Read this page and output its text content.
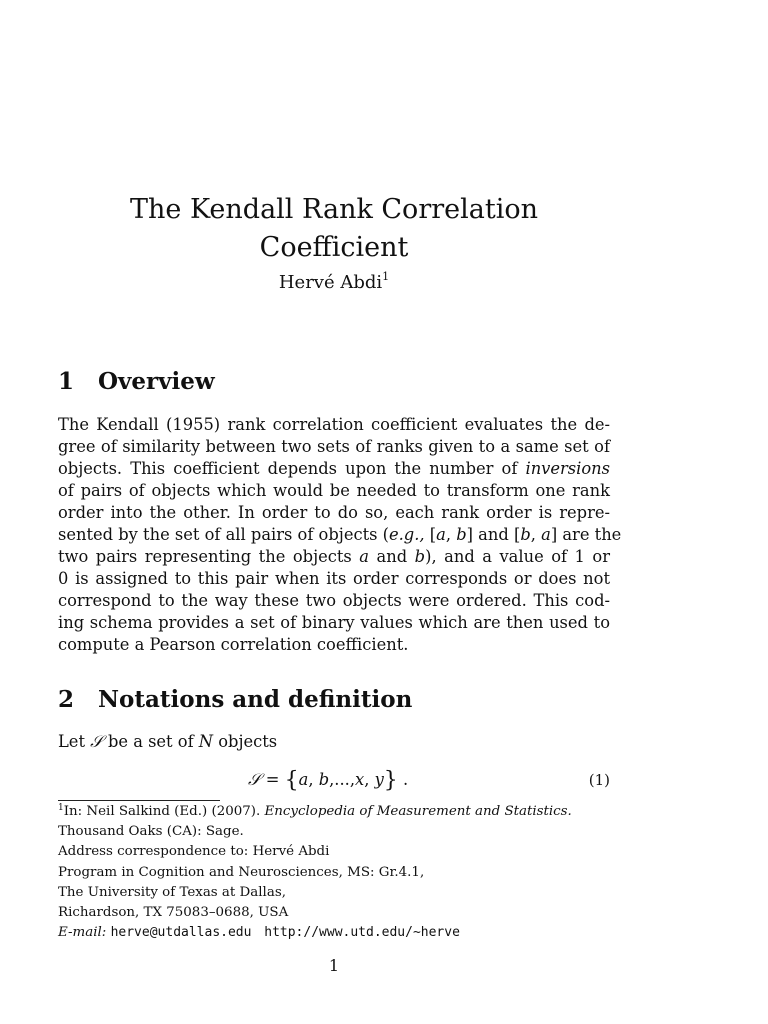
The Kendall Rank Correlation
Coefficient
Hervé Abdi$^1$
1 Overview

The Kendall (1955) rank correlation coefficient evaluates the de-
gree of similarity between two sets of ranks given to a same set of
objects. This coefficient depends upon the number of inversions
of pairs of objects which would be needed to transform one rank
order into the other. In order to do so, each rank order is repre-
sented by the set of all pairs of objects (e.g., [a, b] and [b, a] are the
two pairs representing the objects a and b), and a value of 1 or
0 is assigned to this pair when its order corresponds or does not
correspond to the way these two objects were ordered. This cod-
ing schema provides a set of binary values which are then used to
compute a Pearson correlation coefficient.

2 Notations and definition
Let 𝒮 be a set of N objects
𝒮 = {a, b,...,x, y} .	(1)
$^1$In: Neil Salkind (Ed.) (2007). Encyclopedia of Measurement and Statistics.
Thousand Oaks (CA): Sage.
Address correspondence to: Hervé Abdi
Program in Cognition and Neurosciences, MS: Gr.4.1,
The University of Texas at Dallas,
Richardson, TX 75083–0688, USA
E-mail: herve@utdallas.edu http://www.utd.edu/~herve
1
